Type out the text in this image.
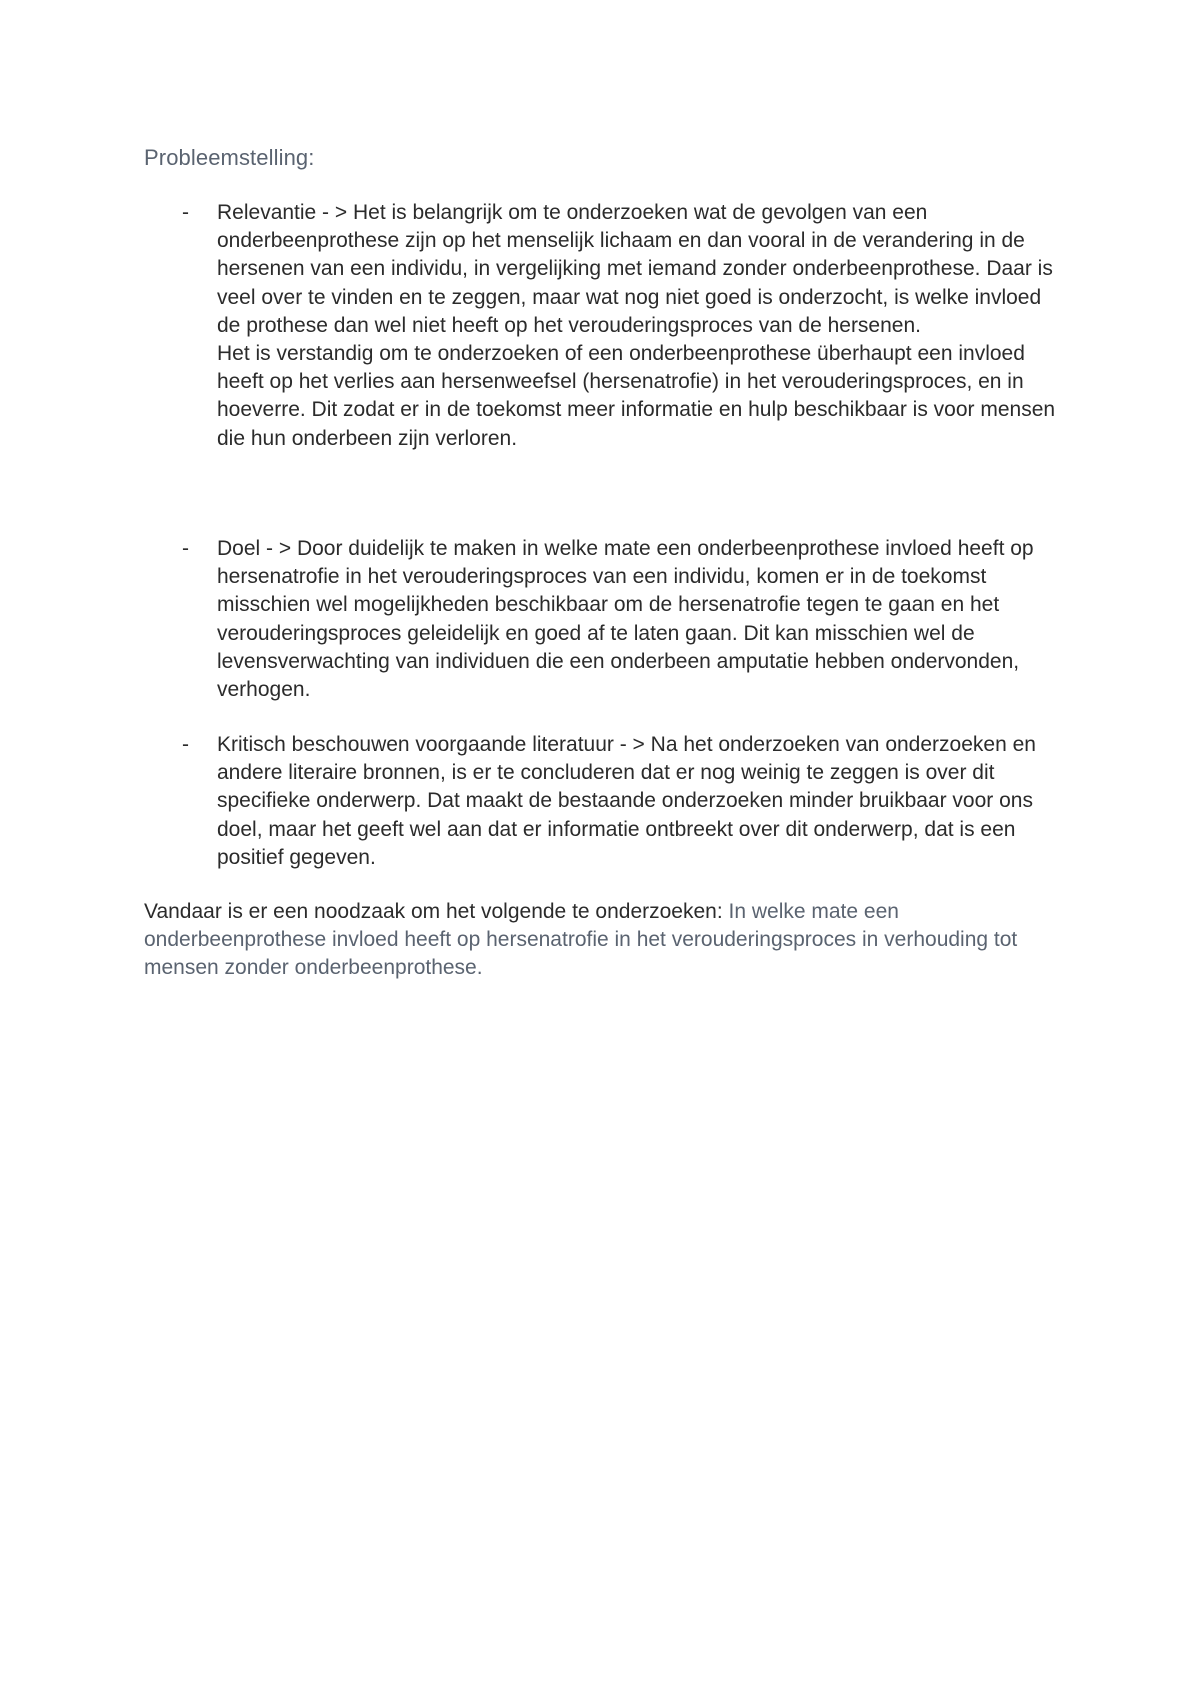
Probleemstelling:
-	Relevantie - > Het is belangrijk om te onderzoeken wat de gevolgen van een onderbeenprothese zijn op het menselijk lichaam en dan vooral in de verandering in de hersenen van een individu, in vergelijking met iemand zonder onderbeenprothese. Daar is veel over te vinden en te zeggen, maar wat nog niet goed is onderzocht, is welke invloed de prothese dan wel niet heeft op het verouderingsproces van de hersenen.

Het is verstandig om te onderzoeken of een onderbeenprothese überhaupt een invloed heeft op het verlies aan hersenweefsel (hersenatrofie) in het verouderingsproces, en in hoeverre. Dit zodat er in de toekomst meer informatie en hulp beschikbaar is voor mensen die hun onderbeen zijn verloren.

-	Doel - > Door duidelijk te maken in welke mate een onderbeenprothese invloed heeft op hersenatrofie in het verouderingsproces van een individu, komen er in de toekomst misschien wel mogelijkheden beschikbaar om de hersenatrofie tegen te gaan en het verouderingsproces geleidelijk en goed af te laten gaan. Dit kan misschien wel de levensverwachting van individuen die een onderbeen amputatie hebben ondervonden, verhogen.

-	Kritisch beschouwen voorgaande literatuur - > Na het onderzoeken van onderzoeken en andere literaire bronnen, is er te concluderen dat er nog weinig te zeggen is over dit specifieke onderwerp. Dat maakt de bestaande onderzoeken minder bruikbaar voor ons doel, maar het geeft wel aan dat er informatie ontbreekt over dit onderwerp, dat is een positief gegeven.

Vandaar is er een noodzaak om het volgende te onderzoeken: In welke mate een onderbeenprothese invloed heeft op hersenatrofie in het verouderingsproces in verhouding tot mensen zonder onderbeenprothese.
